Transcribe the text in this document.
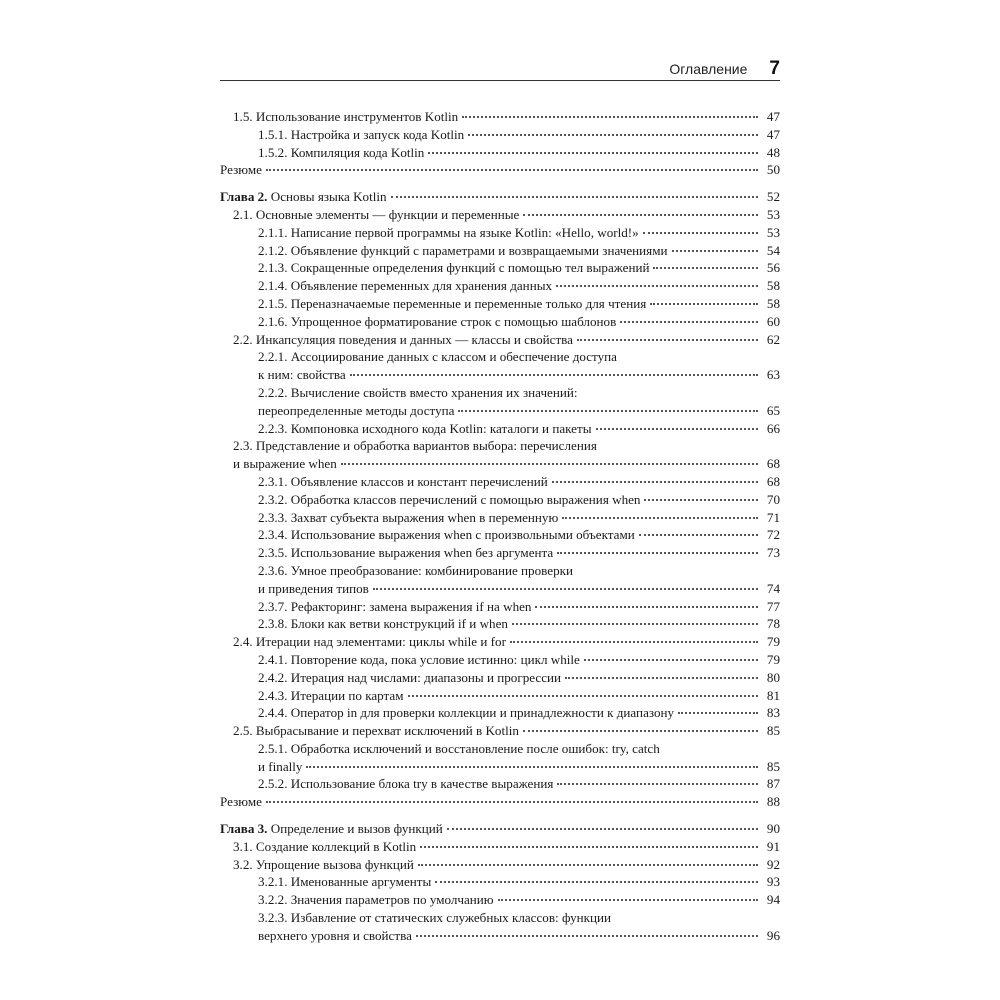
Оглавление 7
1.5. Использование инструментов Kotlin	47
1.5.1. Настройка и запуск кода Kotlin	47
1.5.2. Компиляция кода Kotlin	48
Резюме	50
Глава 2. Основы языка Kotlin	52
2.1. Основные элементы — функции и переменные	53
2.1.1. Написание первой программы на языке Kotlin: «Hello, world!»	53
2.1.2. Объявление функций с параметрами и возвращаемыми значениями	54
2.1.3. Сокращенные определения функций с помощью тел выражений	56
2.1.4. Объявление переменных для хранения данных	58
2.1.5. Переназначаемые переменные и переменные только для чтения	58
2.1.6. Упрощенное форматирование строк с помощью шаблонов	60
2.2. Инкапсуляция поведения и данных — классы и свойства	62
2.2.1. Ассоциирование данных с классом и обеспечение доступа
к ним: свойства	63
2.2.2. Вычисление свойств вместо хранения их значений:
переопределенные методы доступа	65
2.2.3. Компоновка исходного кода Kotlin: каталоги и пакеты	66
2.3. Представление и обработка вариантов выбора: перечисления
и выражение when	68
2.3.1. Объявление классов и констант перечислений	68
2.3.2. Обработка классов перечислений с помощью выражения when	70
2.3.3. Захват субъекта выражения when в переменную	71
2.3.4. Использование выражения when с произвольными объектами	72
2.3.5. Использование выражения when без аргумента	73
2.3.6. Умное преобразование: комбинирование проверки
и приведения типов	74
2.3.7. Рефакторинг: замена выражения if на when	77
2.3.8. Блоки как ветви конструкций if и when	78
2.4. Итерации над элементами: циклы while и for	79
2.4.1. Повторение кода, пока условие истинно: цикл while	79
2.4.2. Итерация над числами: диапазоны и прогрессии	80
2.4.3. Итерации по картам	81
2.4.4. Оператор in для проверки коллекции и принадлежности к диапазону	83
2.5. Выбрасывание и перехват исключений в Kotlin	85
2.5.1. Обработка исключений и восстановление после ошибок: try, catch
и finally	85
2.5.2. Использование блока try в качестве выражения	87
Резюме	88
Глава 3. Определение и вызов функций	90
3.1. Создание коллекций в Kotlin	91
3.2. Упрощение вызова функций	92
3.2.1. Именованные аргументы	93
3.2.2. Значения параметров по умолчанию	94
3.2.3. Избавление от статических служебных классов: функции
верхнего уровня и свойства	96
